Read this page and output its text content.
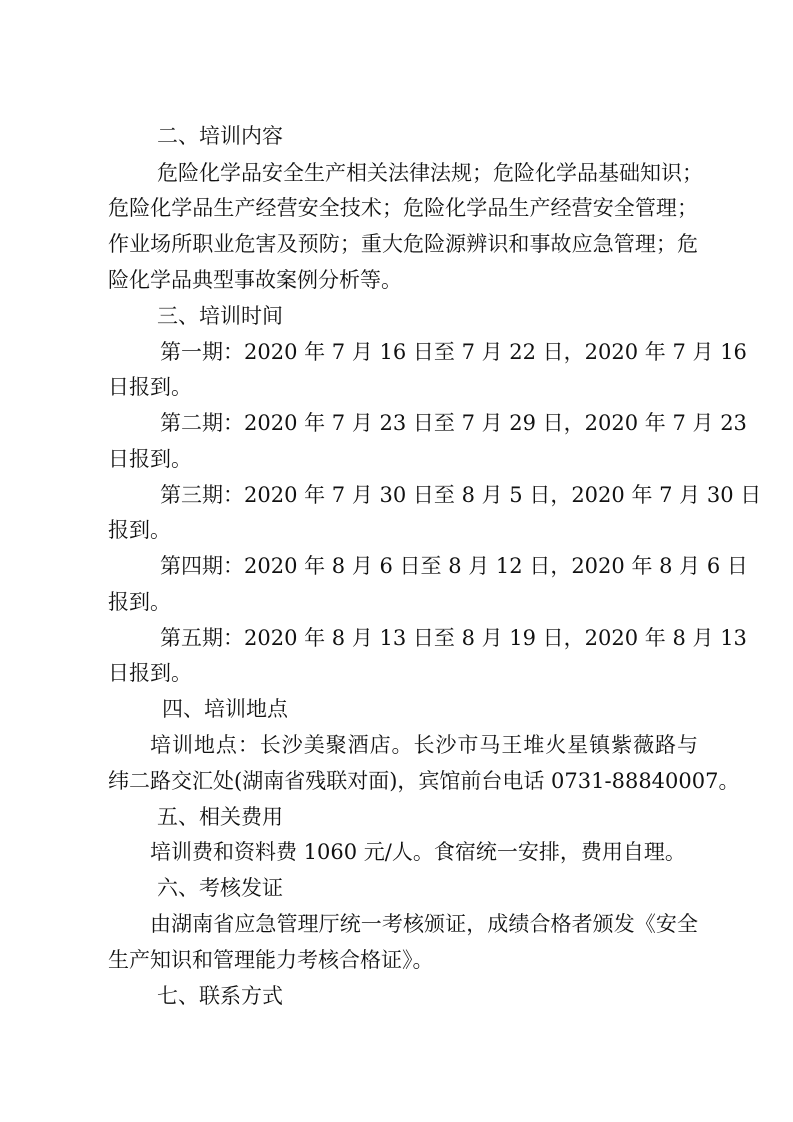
二、培训内容
危险化学品安全生产相关法律法规；危险化学品基础知识；
危险化学品生产经营安全技术；危险化学品生产经营安全管理；
作业场所职业危害及预防；重大危险源辨识和事故应急管理；危
险化学品典型事故案例分析等。
三、培训时间
第一期：2020 年 7 月 16 日至 7 月 22 日，2020 年 7 月 16
日报到。
第二期：2020 年 7 月 23 日至 7 月 29 日，2020 年 7 月 23
日报到。
第三期：2020 年 7 月 30 日至 8 月 5 日，2020 年 7 月 30 日
报到。
第四期：2020 年 8 月 6 日至 8 月 12 日，2020 年 8 月 6 日
报到。
第五期：2020 年 8 月 13 日至 8 月 19 日，2020 年 8 月 13
日报到。
四、培训地点
培训地点：长沙美聚酒店。长沙市马王堆火星镇紫薇路与
纬二路交汇处(湖南省残联对面)，宾馆前台电话 0731-88840007。
五、相关费用
培训费和资料费 1060 元/人。食宿统一安排，费用自理。
六、考核发证
由湖南省应急管理厅统一考核颁证，成绩合格者颁发《安全
生产知识和管理能力考核合格证》。
七、联系方式
